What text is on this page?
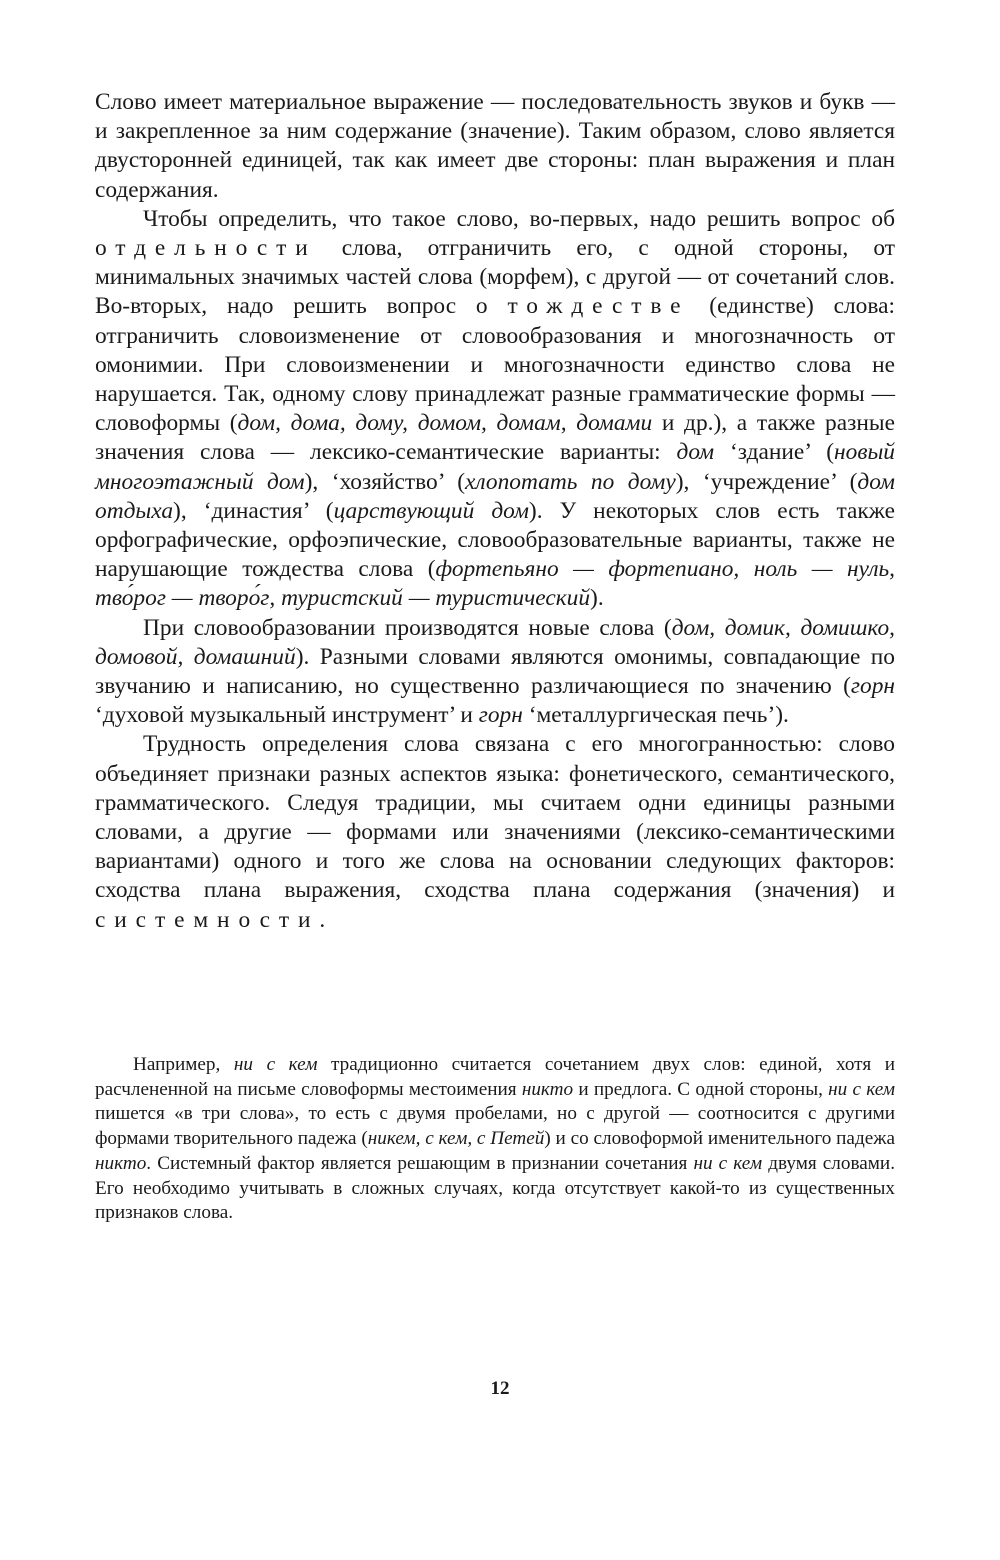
Слово имеет материальное выражение — последовательность звуков и букв — и закрепленное за ним содержание (значение). Таким образом, слово является двусторонней единицей, так как имеет две стороны: план выражения и план содержания.

Чтобы определить, что такое слово, во-первых, надо решить вопрос об отдельности слова, отграничить его, с одной стороны, от минимальных значимых частей слова (морфем), с другой — от сочетаний слов. Во-вторых, надо решить вопрос о тождестве (единстве) слова: отграничить словоизменение от словообразования и многозначность от омонимии. При словоизменении и многозначности единство слова не нарушается. Так, одному слову принадлежат разные грамматические формы — словоформы (дом, дома, дому, домом, домам, домами и др.), а также разные значения слова — лексико-семантические варианты: дом ‘здание’ (новый многоэтажный дом), ‘хозяйство’ (хлопотать по дому), ‘учреждение’ (дом отдыха), ‘династия’ (царствующий дом). У некоторых слов есть также орфографические, орфоэпические, словообразовательные варианты, также не нарушающие тождества слова (фортепьяно — фортепиано, ноль — нуль, тво́рог — творо́г, туристский — туристический).

При словообразовании производятся новые слова (дом, домик, домишко, домовой, домашний). Разными словами являются омонимы, совпадающие по звучанию и написанию, но существенно различающиеся по значению (горн ‘духовой музыкальный инструмент’ и горн ‘металлургическая печь’).

Трудность определения слова связана с его многогранностью: слово объединяет признаки разных аспектов языка: фонетического, семантического, грамматического. Следуя традиции, мы считаем одни единицы разными словами, а другие — формами или значениями (лексико-семантическими вариантами) одного и того же слова на основании следующих факторов: сходства плана выражения, сходства плана содержания (значения) и системности.

Например, ни с кем традиционно считается сочетанием двух слов: единой, хотя и расчлененной на письме словоформы местоимения никто и предлога. С одной стороны, ни с кем пишется «в три слова», то есть с двумя пробелами, но с другой — соотносится с другими формами творительного падежа (никем, с кем, с Петей) и со словоформой именительного падежа никто. Системный фактор является решающим в признании сочетания ни с кем двумя словами. Его необходимо учитывать в сложных случаях, когда отсутствует какой-то из существенных признаков слова.

12
